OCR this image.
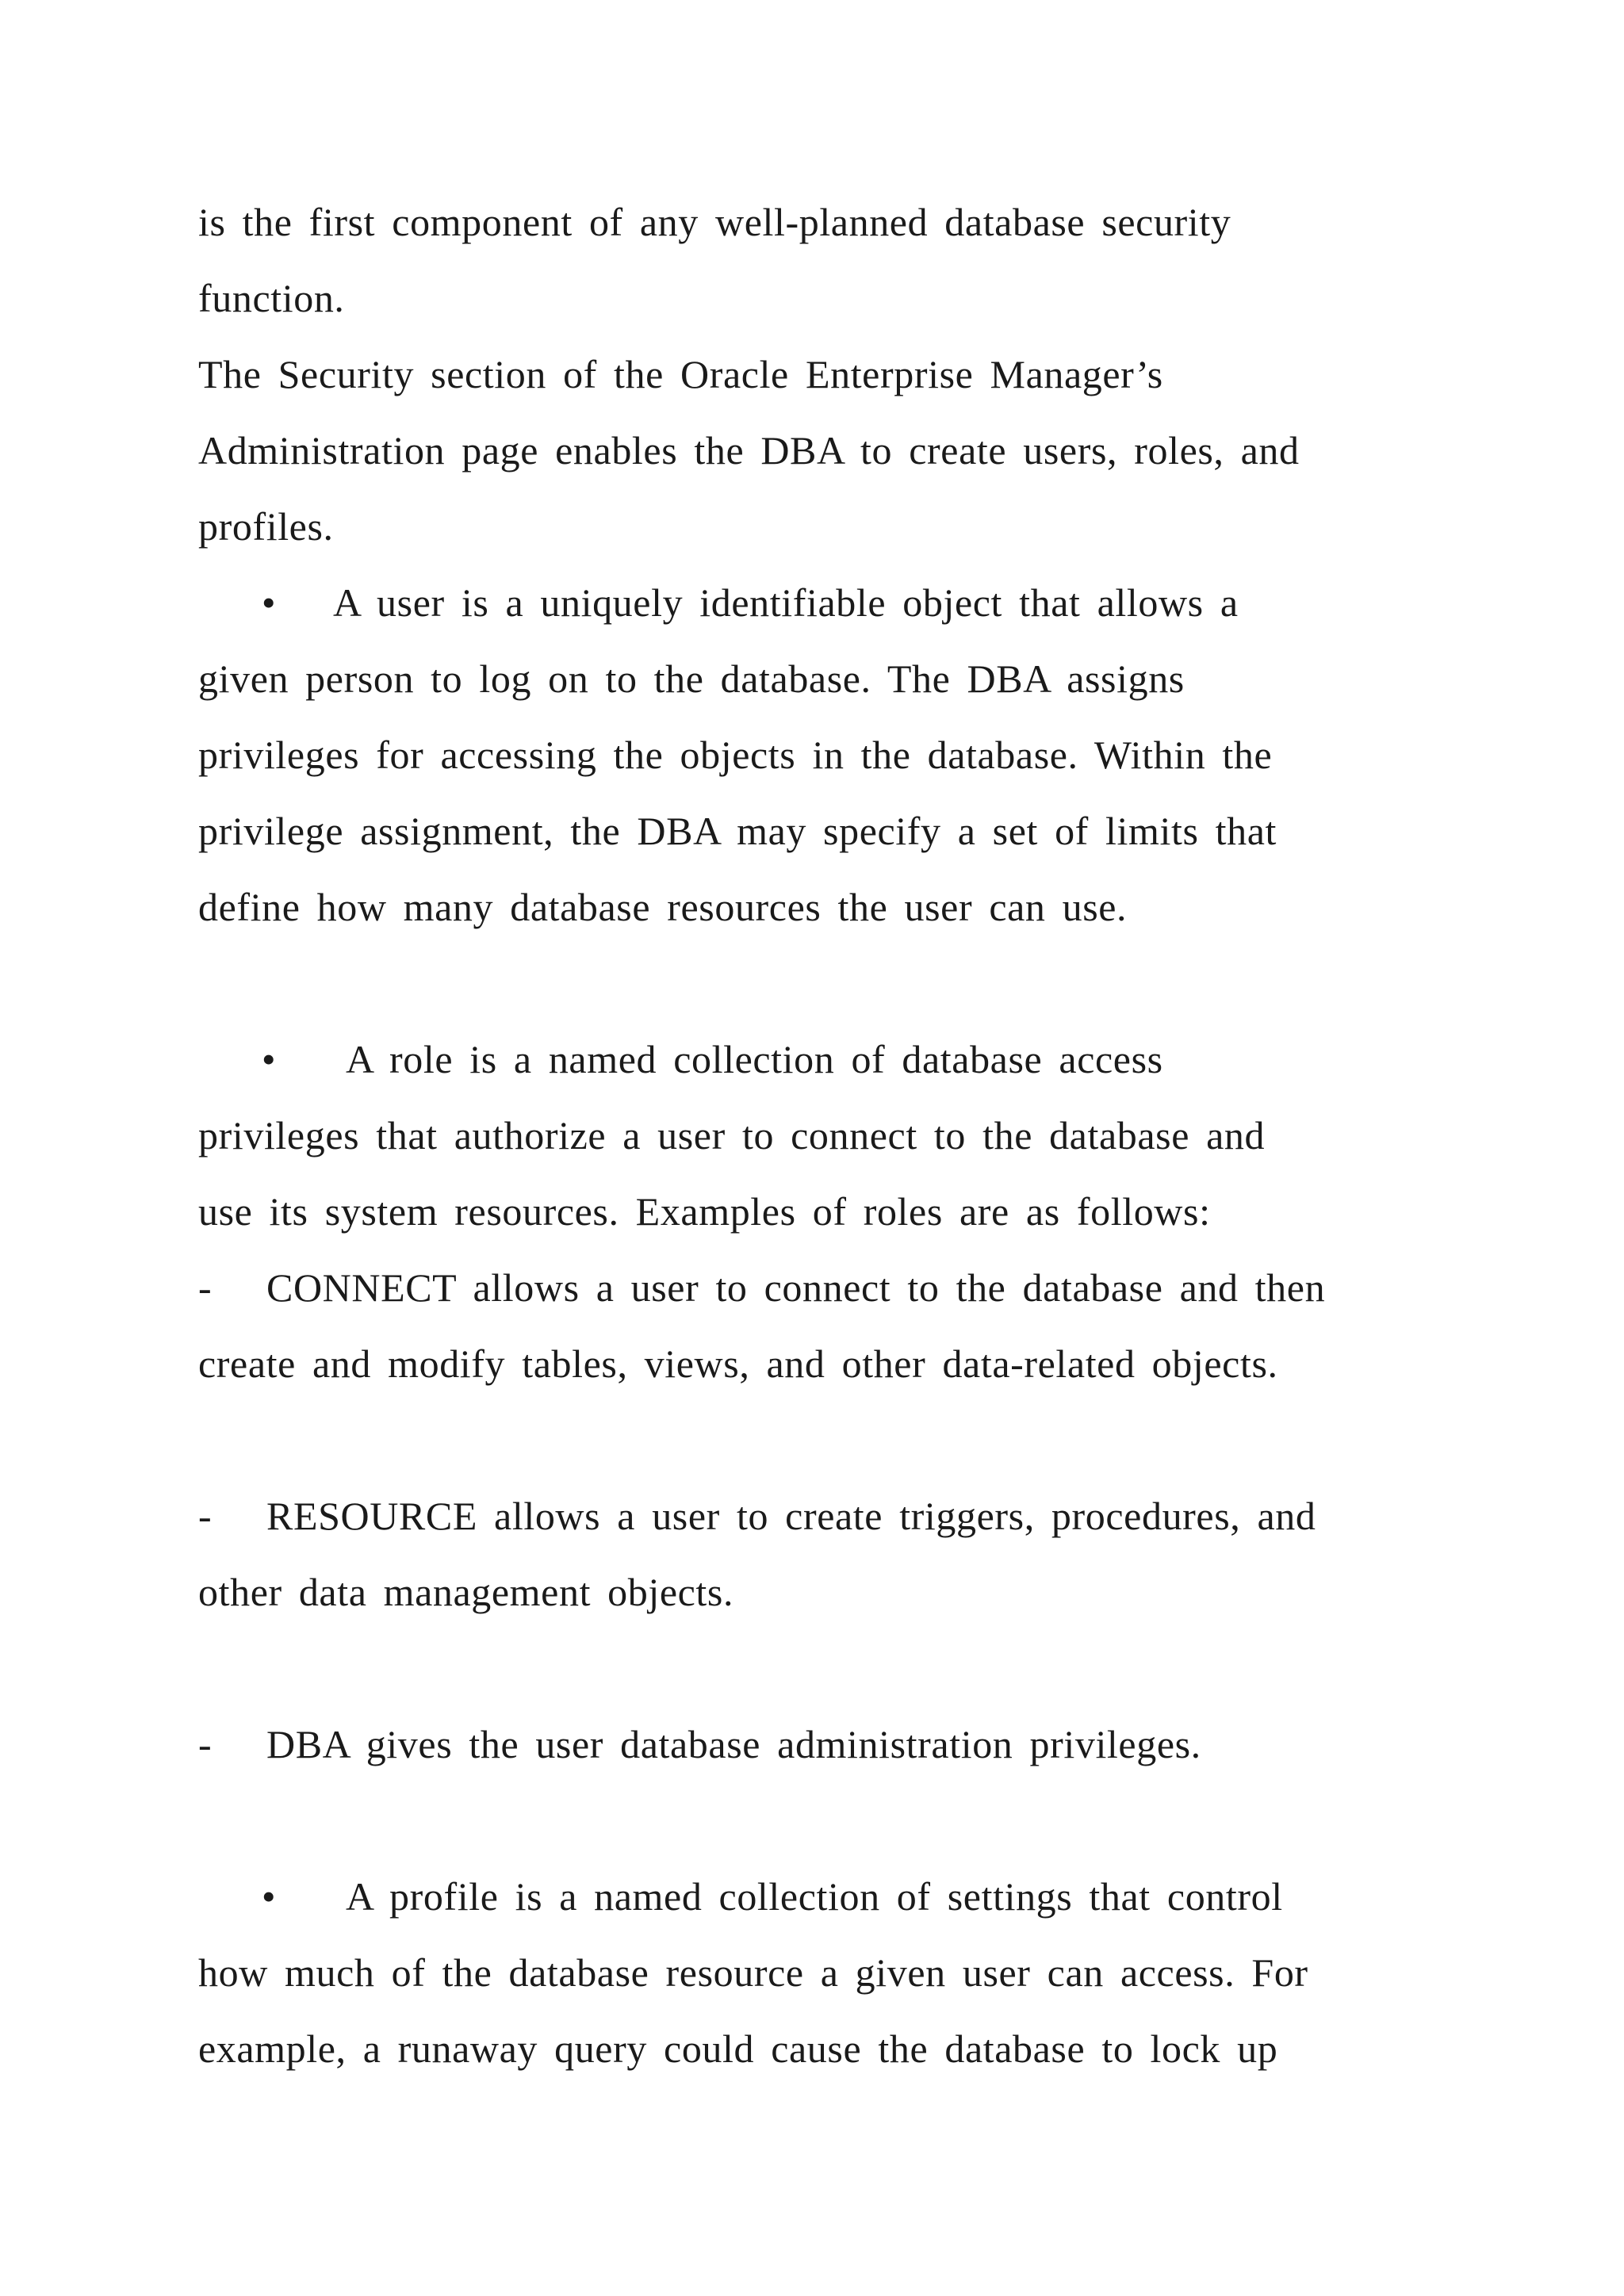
is the first component of any well-planned database security
function.
The Security section of the Oracle Enterprise Manager’s
Administration page enables the DBA to create users, roles, and
profiles.
• A user is a uniquely identifiable object that allows a
given person to log on to the database. The DBA assigns
privileges for accessing the objects in the database. Within the
privilege assignment, the DBA may specify a set of limits that
define how many database resources the user can use.
• A role is a named collection of database access
privileges that authorize a user to connect to the database and
use its system resources. Examples of roles are as follows:
- CONNECT allows a user to connect to the database and then
create and modify tables, views, and other data-related objects.
- RESOURCE allows a user to create triggers, procedures, and
other data management objects.
- DBA gives the user database administration privileges.
• A profile is a named collection of settings that control
how much of the database resource a given user can access. For
example, a runaway query could cause the database to lock up
